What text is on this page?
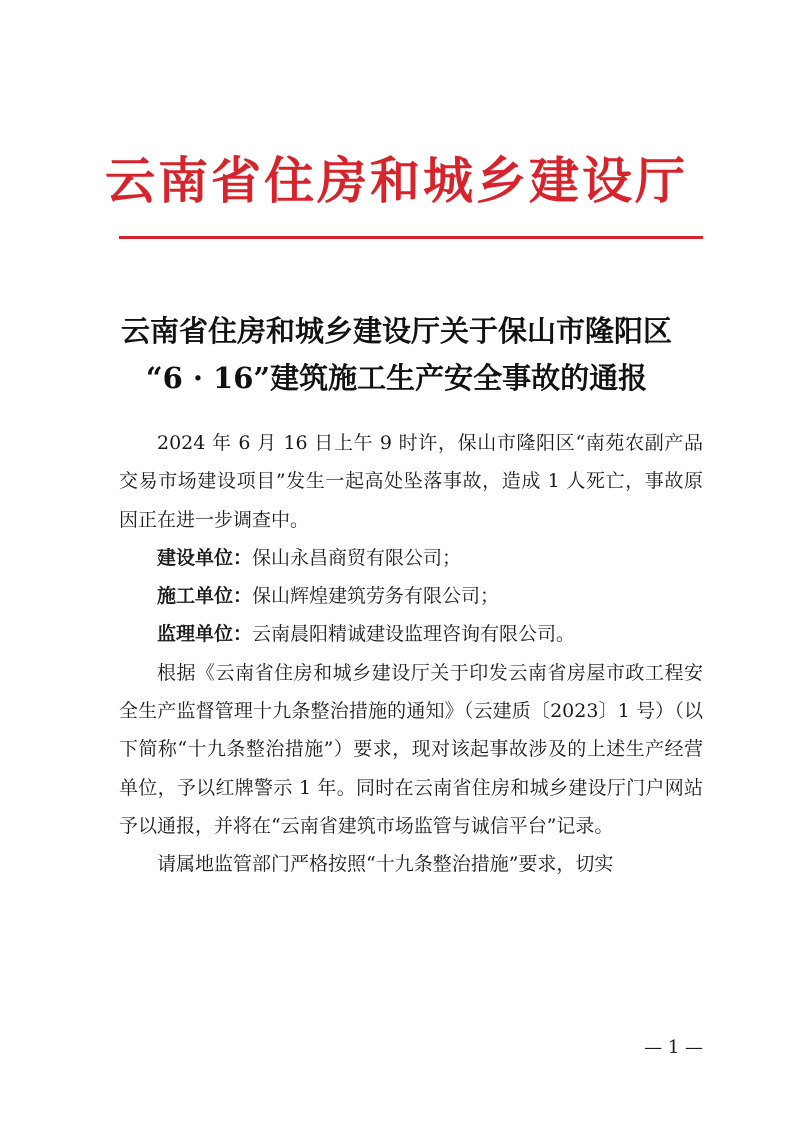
云南省住房和城乡建设厅
云南省住房和城乡建设厅关于保山市隆阳区
“6 · 16”建筑施工生产安全事故的通报

2024 年 6 月 16 日上午 9 时许，保山市隆阳区“南苑农副产品交易市场建设项目”发生一起高处坠落事故，造成 1 人死亡，事故原因正在进一步调查中。

建设单位：保山永昌商贸有限公司；

施工单位：保山辉煌建筑劳务有限公司；

监理单位：云南晨阳精诚建设监理咨询有限公司。

根据《云南省住房和城乡建设厅关于印发云南省房屋市政工程安全生产监督管理十九条整治措施的通知》（云建质〔2023〕1 号）（以下简称“十九条整治措施”）要求，现对该起事故涉及的上述生产经营单位，予以红牌警示 1 年。同时在云南省住房和城乡建设厅门户网站予以通报，并将在“云南省建筑市场监管与诚信平台”记录。

请属地监管部门严格按照“十九条整治措施”要求，切实

— 1 —
